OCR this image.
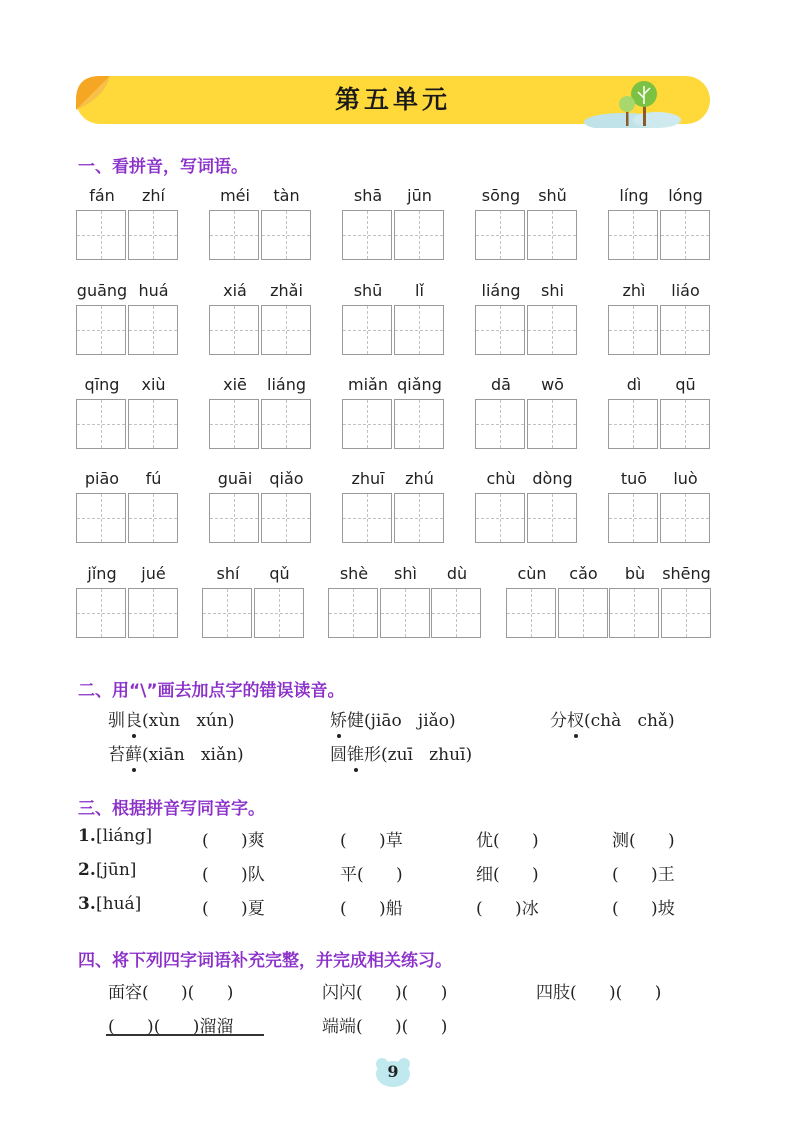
第五单元
一、看拼音，写词语。
fán	zhí	méi	tàn	shā	jūn	sōng	shǔ	líng	lóng
guāng huá	xiá	zhǎi	shū	lǐ	liáng	shi	zhì	liáo
qīng	xiù	xiē	liáng	miǎn qiǎng	dā	wō	dì	qū
piāo	fú	guāi	qiǎo	zhuī	zhú	chù	dòng	tuō	luò
jǐng	jué	shí	qǔ	shè	shì	dù	cùn	cǎo	bù	shēng
二、用“\”画去加点字的错误读音。
驯良(xùn   xún)	矫健(jiāo   jiǎo)	分杈(chà   chǎ)
苔藓(xiān   xiǎn)	圆锥形(zuī   zhuī)
三、根据拼音写同音字。
1. [liáng]	(      )爽	(      )草	优(      )	测(      )
2. [jūn]	(      )队	平(      )	细(      )	(      )王
3. [huá]	(      )夏	(      )船	(      )冰	(      )坡
四、将下列四字词语补充完整，并完成相关练习。
面容(      )(      )	闪闪(      )(      )	四肢(      )(      )
(      )(      )溜溜	端端(      )(      )
9
